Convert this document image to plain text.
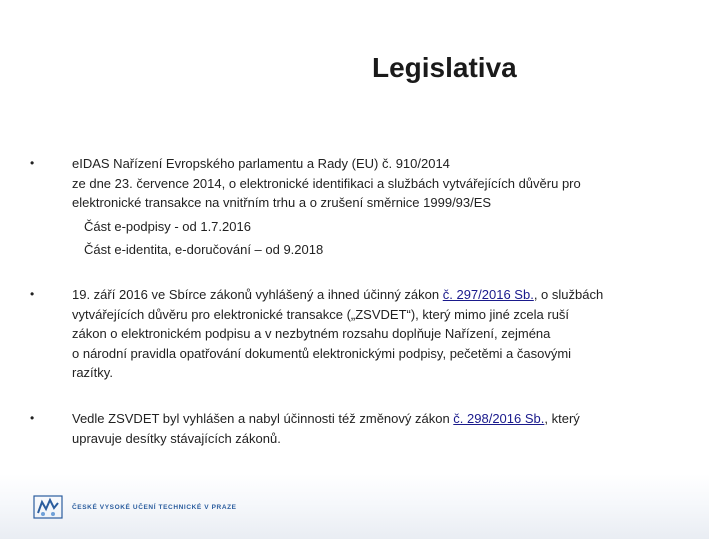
Legislativa
•	eIDAS Nařízení Evropského parlamentu a Rady (EU) č. 910/2014
ze dne 23. července 2014, o elektronické identifikaci a službách vytvářejících důvěru pro
elektronické transakce na vnitřním trhu a o zrušení směrnice 1999/93/ES
Část e-podpisy - od 1.7.2016
Část e-identita, e-doručování – od 9.2018
•	19. září 2016 ve Sbírce zákonů vyhlášený a ihned účinný zákon č. 297/2016 Sb., o službách
vytvářejících důvěru pro elektronické transakce („ZSVDET“), který mimo jiné zcela ruší
zákon o elektronickém podpisu a v nezbytném rozsahu doplňuje Nařízení, zejména
o národní pravidla opatřování dokumentů elektronickými podpisy, pečetěmi a časovými
razítky.
•	Vedle ZSVDET byl vyhlášen a nabyl účinnosti též změnový zákon č. 298/2016 Sb., který
upravuje desítky stávajících zákonů.
ČESKÉ VYSOKÉ UČENÍ TECHNICKÉ V PRAZE
